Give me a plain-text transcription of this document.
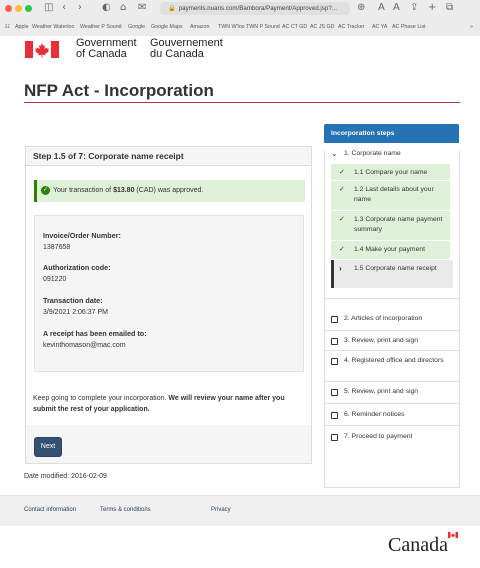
◫ ‹ › ◐ ⌂ ✉	🔒 payments.nuans.com/Bambora/Payment/Approved.jsp?...	⊕ A A ⇪ + ⧉
☷ Apple Weather Waterloo Weather P Sound Google Google Maps Amazon TWN W'loo TWN P Sound AC CT GD AC JS GD AC Tracker AC YA AC Phase List	»
Government
of Canada
Gouvernement
du Canada
NFP Act - Incorporation
Step 1.5 of 7: Corporate name receipt
✓ Your transaction of $13.80 (CAD) was approved.
Invoice/Order Number:
1387658
Authorization code:
091220
Transaction date:
3/9/2021 2:06:37 PM
A receipt has been emailed to:
kevinthomason@mac.com
Keep going to complete your incorporation. We will review your name after you submit the rest of your application.
Next
Incorporation steps
⌄ 1. Corporate name
✓ 1.1 Compare your name
✓ 1.2 Last details about your name
✓ 1.3 Corporate name payment summary
✓ 1.4 Make your payment
› 1.5 Corporate name receipt
2. Articles of incorporation
3. Review, print and sign
4. Registered office and directors
5. Review, print and sign
6. Reminder notices
7. Proceed to payment
Date modified: 2016-02-09
Contact information	Terms & conditions	Privacy
Canada
